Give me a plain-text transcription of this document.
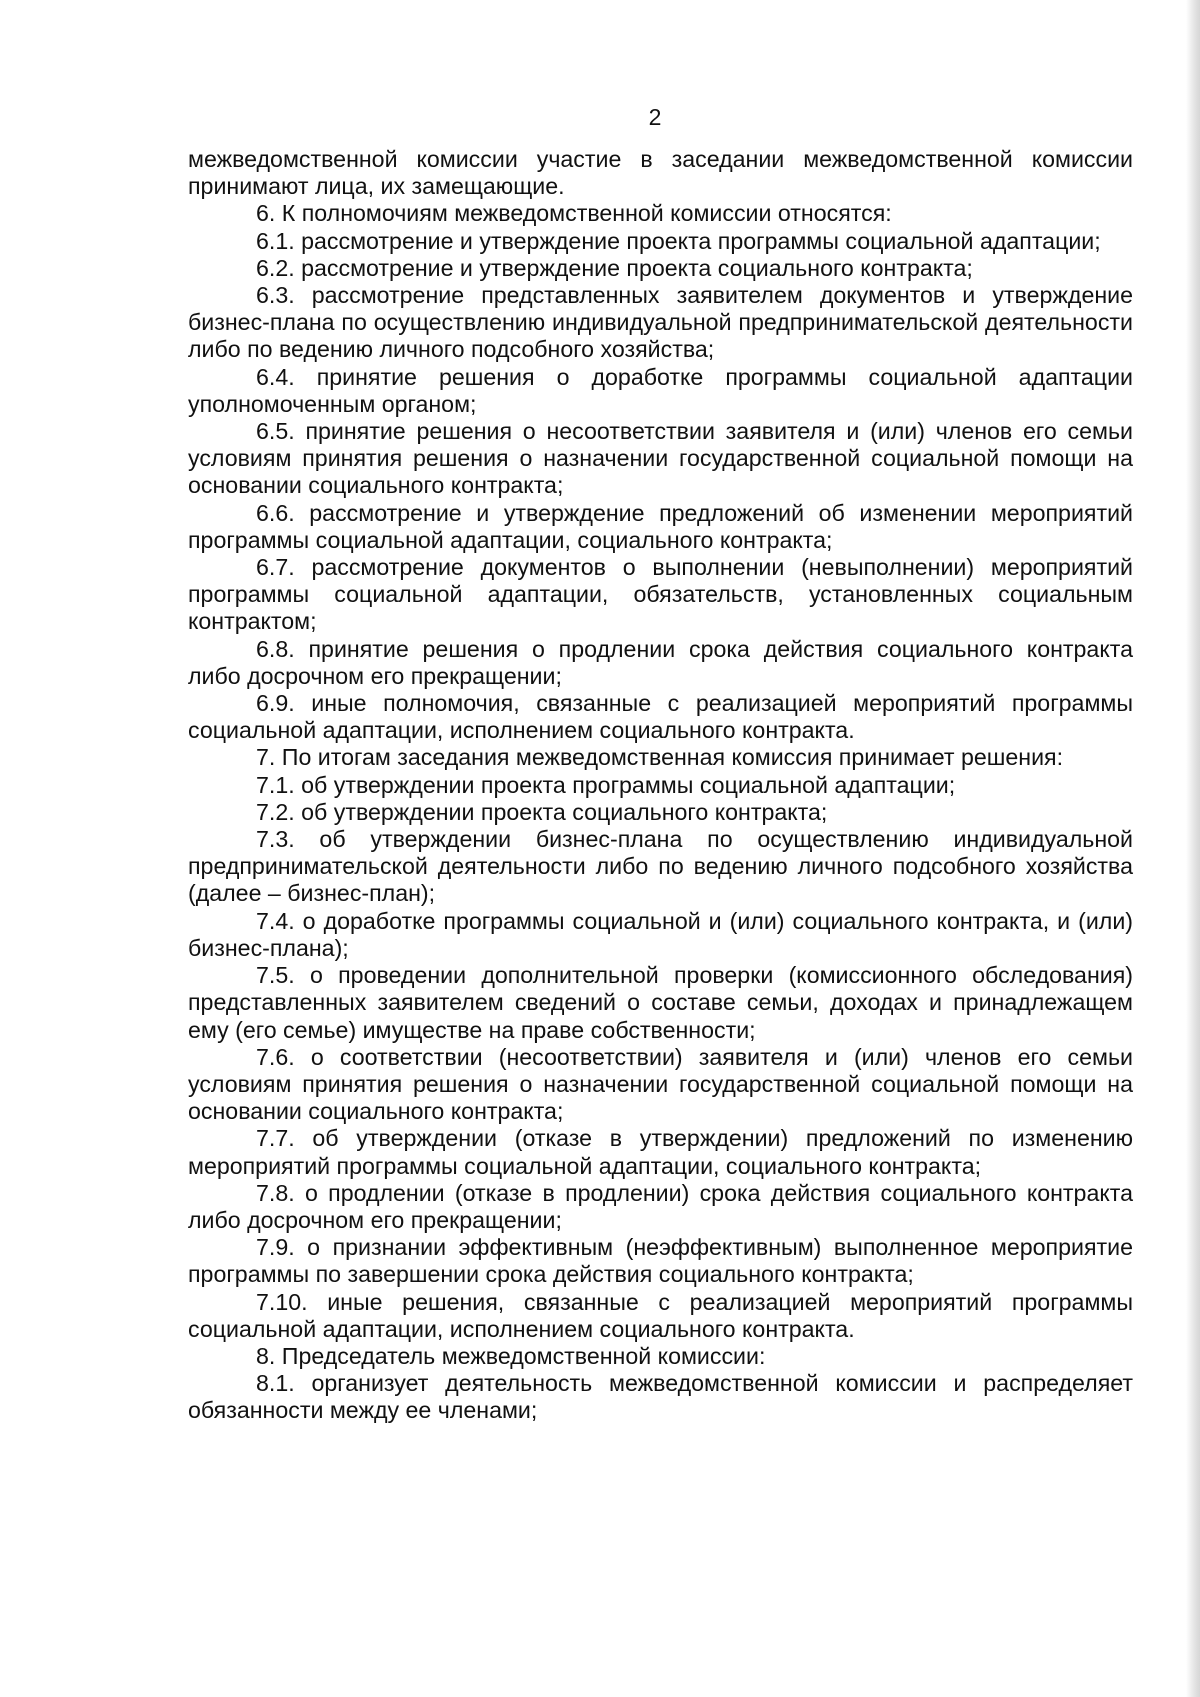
2

межведомственной комиссии участие в заседании межведомственной комиссии принимают лица, их замещающие.

6. К полномочиям межведомственной комиссии относятся:

6.1. рассмотрение и утверждение проекта программы социальной адаптации;

6.2. рассмотрение и утверждение проекта социального контракта;

6.3. рассмотрение представленных заявителем документов и утверждение бизнес-плана по осуществлению индивидуальной предпринимательской деятельности либо по ведению личного подсобного хозяйства;

6.4. принятие решения о доработке программы социальной адаптации уполномоченным органом;

6.5. принятие решения о несоответствии заявителя и (или) членов его семьи условиям принятия решения о назначении государственной социальной помощи на основании социального контракта;

6.6. рассмотрение и утверждение предложений об изменении мероприятий программы социальной адаптации, социального контракта;

6.7. рассмотрение документов о выполнении (невыполнении) мероприятий программы социальной адаптации, обязательств, установленных социальным контрактом;

6.8. принятие решения о продлении срока действия социального контракта либо досрочном его прекращении;

6.9. иные полномочия, связанные с реализацией мероприятий программы социальной адаптации, исполнением социального контракта.

7. По итогам заседания межведомственная комиссия принимает решения:

7.1. об утверждении проекта программы социальной адаптации;

7.2. об утверждении проекта социального контракта;

7.3. об утверждении бизнес-плана по осуществлению индивидуальной предпринимательской деятельности либо по ведению личного подсобного хозяйства (далее – бизнес-план);

7.4. о доработке программы социальной и (или) социального контракта, и (или) бизнес-плана);

7.5. о проведении дополнительной проверки (комиссионного обследования) представленных заявителем сведений о составе семьи, доходах и принадлежащем ему (его семье) имуществе на праве собственности;

7.6. о соответствии (несоответствии) заявителя и (или) членов его семьи условиям принятия решения о назначении государственной социальной помощи на основании социального контракта;

7.7. об утверждении (отказе в утверждении) предложений по изменению мероприятий программы социальной адаптации, социального контракта;

7.8. о продлении (отказе в продлении) срока действия социального контракта либо досрочном его прекращении;

7.9. о признании эффективным (неэффективным) выполненное мероприятие программы по завершении срока действия социального контракта;

7.10. иные решения, связанные с реализацией мероприятий программы социальной адаптации, исполнением социального контракта.

8. Председатель межведомственной комиссии:

8.1. организует деятельность межведомственной комиссии и распределяет обязанности между ее членами;
